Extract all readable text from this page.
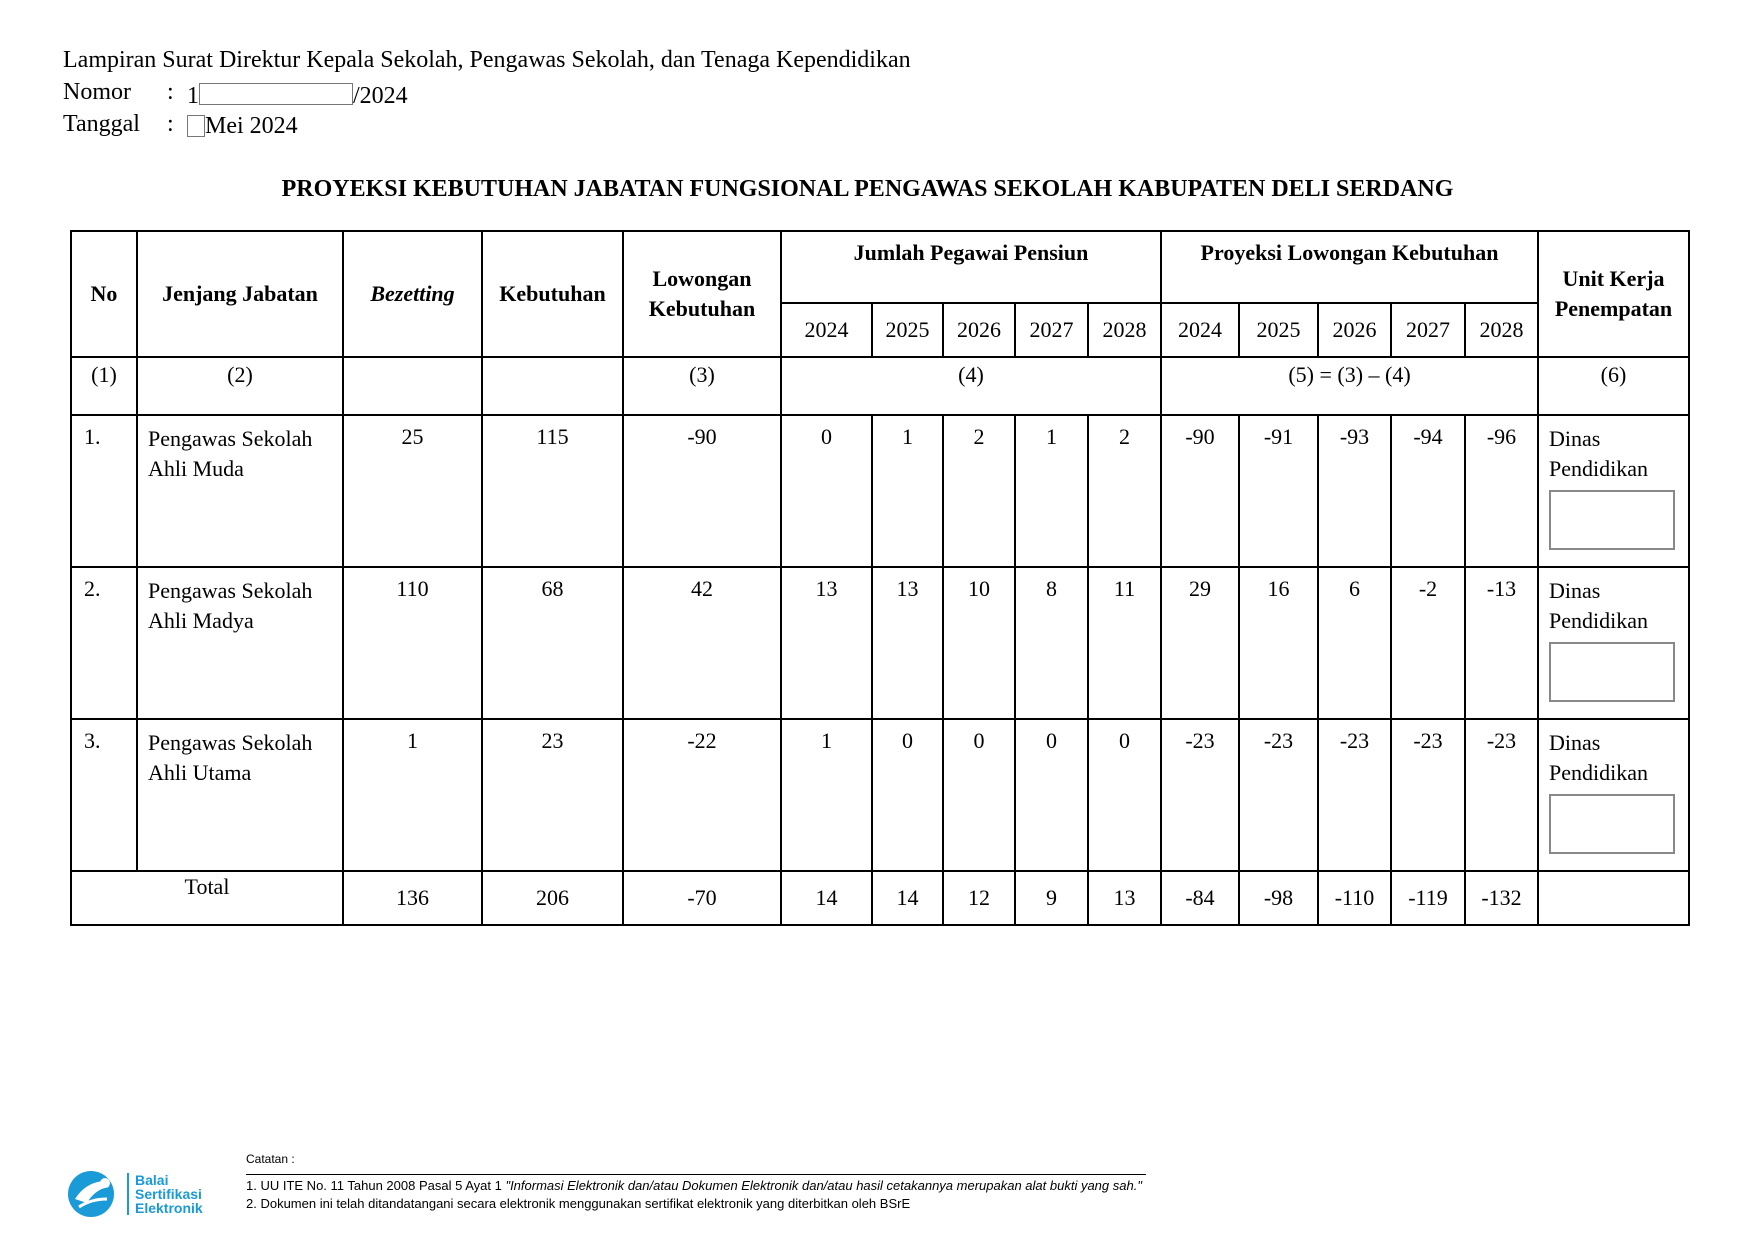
Lampiran Surat Direktur Kepala Sekolah, Pengawas Sekolah, dan Tenaga Kependidikan
Nomor	: 1	/2024
Tanggal	:	Mei 2024
PROYEKSI KEBUTUHAN JABATAN FUNGSIONAL PENGAWAS SEKOLAH KABUPATEN DELI SERDANG
No	Jenjang Jabatan	Bezetting	Kebutuhan	Lowongan Kebutuhan	Jumlah Pegawai Pensiun					Proyeksi Lowongan Kebutuhan					Unit Kerja Penempatan
					2024	2025	2026	2027	2028	2024	2025	2026	2027	2028	
(1)	(2)			(3)	(4)					(5) = (3) – (4)					(6)
1.	Pengawas Sekolah Ahli Muda	25	115	-90	0	1	2	1	2	-90	-91	-93	-94	-96	Dinas Pendidikan

2.	Pengawas Sekolah Ahli Madya	110	68	42	13	13	10	8	11	29	16	6	-2	-13	Dinas Pendidikan

3.	Pengawas Sekolah Ahli Utama	1	23	-22	1	0	0	0	0	-23	-23	-23	-23	-23	Dinas Pendidikan

Total		136	206	-70	14	14	12	9	13	-84	-98	-110	-119	-132	
Balai
Sertifikasi
Elektronik
Catatan :
1. UU ITE No. 11 Tahun 2008 Pasal 5 Ayat 1 "Informasi Elektronik dan/atau Dokumen Elektronik dan/atau hasil cetakannya merupakan alat bukti yang sah."
2. Dokumen ini telah ditandatangani secara elektronik menggunakan sertifikat elektronik yang diterbitkan oleh BSrE
